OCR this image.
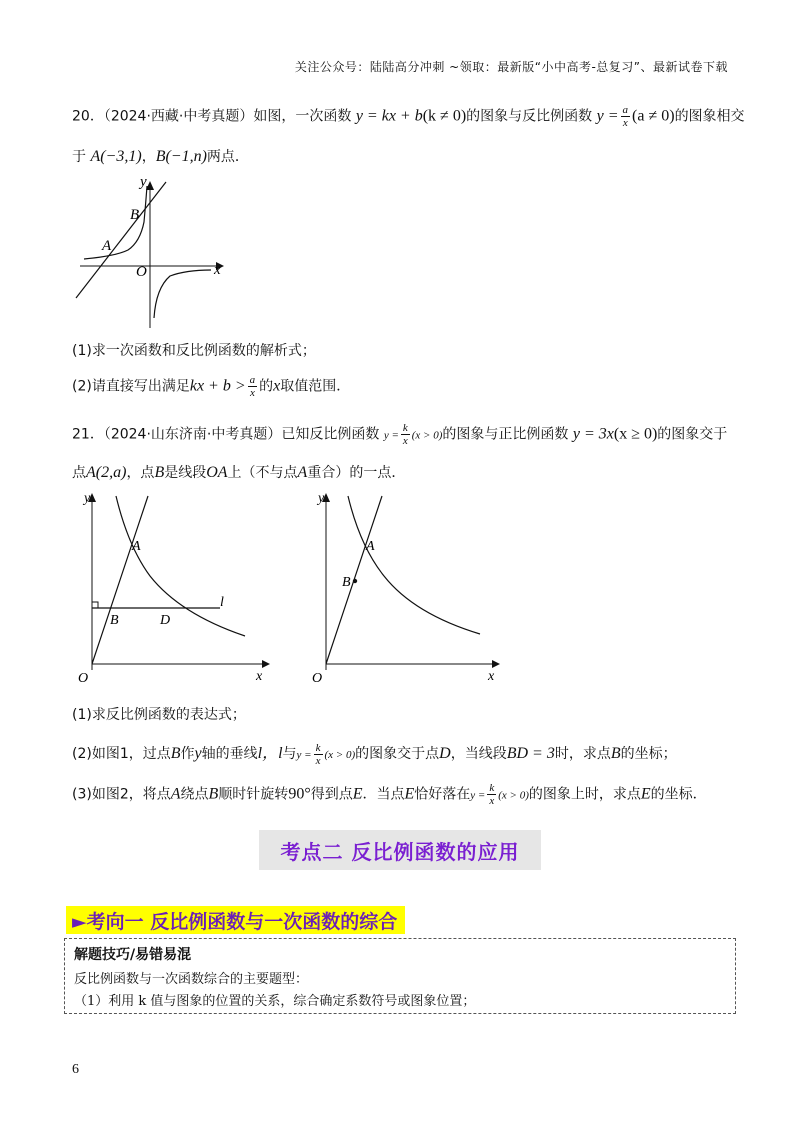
关注公众号：陆陆高分冲刺 ~领取：最新版“小中高考-总复习”、最新试卷下载
20．（2024·西藏·中考真题）如图，一次函数 y = kx + b(k ≠ 0)的图象与反比例函数 $y = \frac{a}{x} (a \ne 0)$的图象相交
于 A(−3,1)，B(−1,n)两点．
y
x
O
A
B
(1)求一次函数和反比例函数的解析式；
(2)请直接写出满足kx + $b > \frac{a}{x}$ 的x取值范围．
21．（2024·山东济南·中考真题）已知反比例函数 $y = \frac{k}{x} (x > 0)$的图象与正比例函数 y = 3x(x ≥ 0)的图象交于
点A(2,a)，点B是线段OA上（不与点A重合）的一点．
y
x
O
A
B	D
l
y
x
O
A
B
(1)求反比例函数的表达式；
(2)如图1，过点B作y轴的垂线l，l与$y = \frac{k}{x} (x > 0)$的图象交于点D，当线段BD = 3时，求点B的坐标；
(3)如图2，将点A绕点B顺时针旋转90°得到点E．当点E恰好落在$y = \frac{k}{x} (x > 0)$的图象上时，求点E的坐标．
考点二 反比例函数的应用
►考向一 反比例函数与一次函数的综合
解题技巧/易错易混
反比例函数与一次函数综合的主要题型：
（1）利用 k 值与图象的位置的关系，综合确定系数符号或图象位置；
6
